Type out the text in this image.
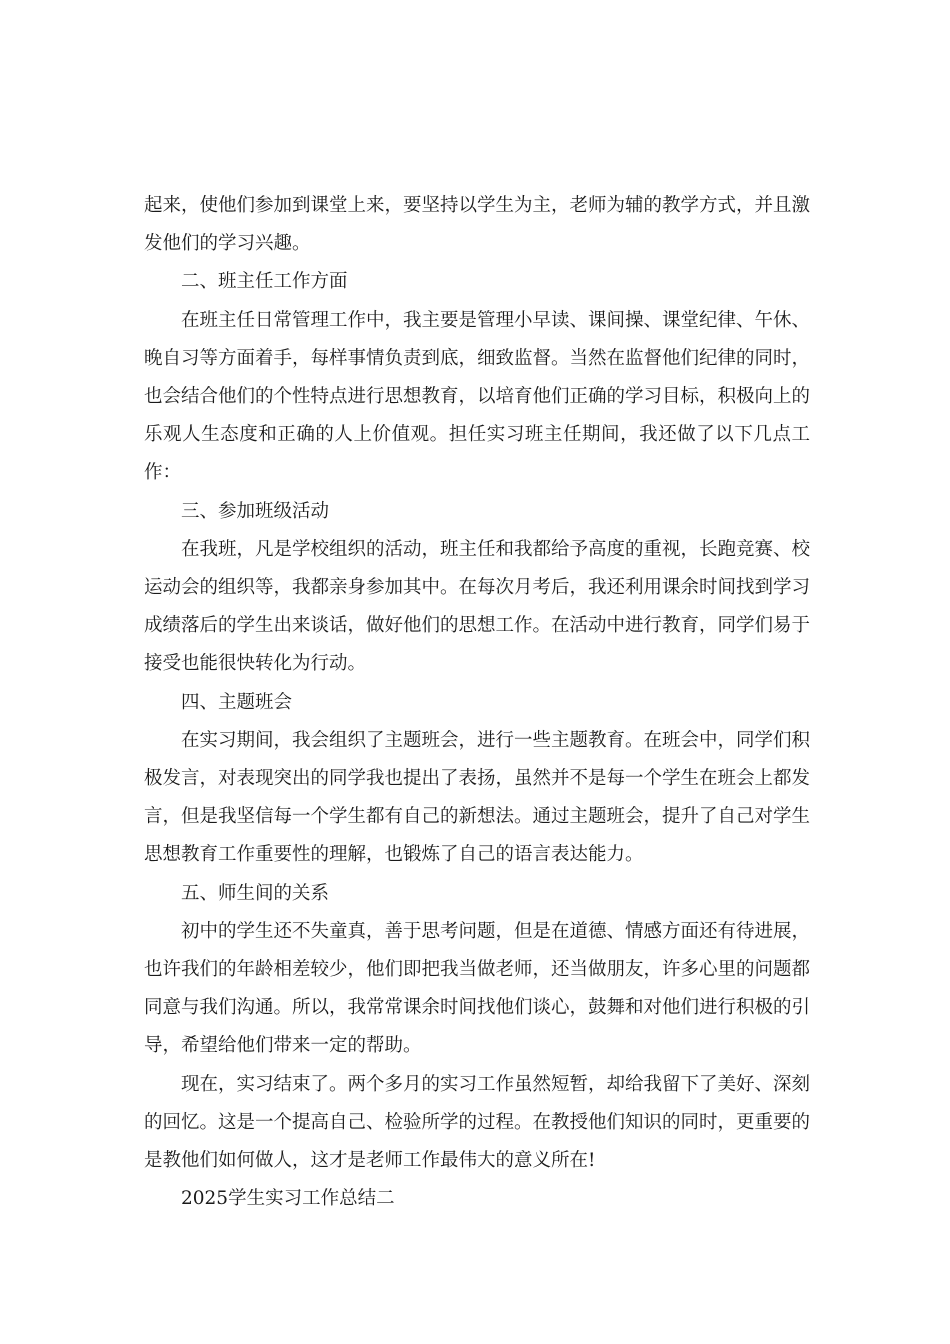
起来，使他们参加到课堂上来，要坚持以学生为主，老师为辅的教学方式，并且激发他们的学习兴趣。

二、班主任工作方面

在班主任日常管理工作中，我主要是管理小早读、课间操、课堂纪律、午休、晚自习等方面着手，每样事情负责到底，细致监督。当然在监督他们纪律的同时，也会结合他们的个性特点进行思想教育，以培育他们正确的学习目标，积极向上的乐观人生态度和正确的人上价值观。担任实习班主任期间，我还做了以下几点工作：

三、参加班级活动

在我班，凡是学校组织的活动，班主任和我都给予高度的重视，长跑竞赛、校运动会的组织等，我都亲身参加其中。在每次月考后，我还利用课余时间找到学习成绩落后的学生出来谈话，做好他们的思想工作。在活动中进行教育，同学们易于接受也能很快转化为行动。

四、主题班会

在实习期间，我会组织了主题班会，进行一些主题教育。在班会中，同学们积极发言，对表现突出的同学我也提出了表扬，虽然并不是每一个学生在班会上都发言，但是我坚信每一个学生都有自己的新想法。通过主题班会，提升了自己对学生思想教育工作重要性的理解，也锻炼了自己的语言表达能力。

五、师生间的关系

初中的学生还不失童真，善于思考问题，但是在道德、情感方面还有待进展，也许我们的年龄相差较少，他们即把我当做老师，还当做朋友，许多心里的问题都同意与我们沟通。所以，我常常课余时间找他们谈心，鼓舞和对他们进行积极的引导，希望给他们带来一定的帮助。

现在，实习结束了。两个多月的实习工作虽然短暂，却给我留下了美好、深刻的回忆。这是一个提高自己、检验所学的过程。在教授他们知识的同时，更重要的是教他们如何做人，这才是老师工作最伟大的意义所在!

2025学生实习工作总结二
